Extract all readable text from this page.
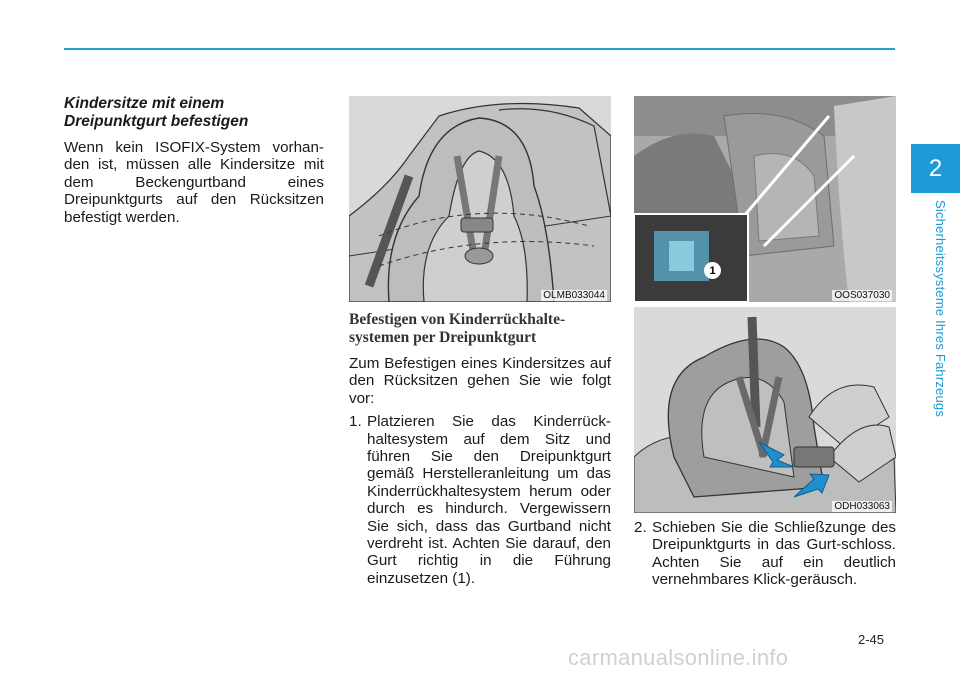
2
Sicherheitssysteme Ihres Fahrzeugs
Kindersitze mit einem
Dreipunktgurt befestigen

Wenn kein ISOFIX-System vorhan-den ist, müssen alle Kindersitze mit dem Beckengurtband eines Dreipunktgurts auf den Rücksitzen befestigt werden.

OLMB033044
Befestigen von Kinderrückhalte-
systemen per Dreipunktgurt

Zum Befestigen eines Kindersitzes auf den Rücksitzen gehen Sie wie folgt vor:

1. Platzieren Sie das Kinderrück-haltesystem auf dem Sitz und führen Sie den Dreipunktgurt gemäß Herstelleranleitung um das Kinderrückhaltesystem herum oder durch es hindurch. Vergewissern Sie sich, dass das Gurtband nicht verdreht ist. Achten Sie darauf, den Gurt richtig in die Führung einzusetzen (1).
1
OOS037030
ODH033063
2. Schieben Sie die Schließzunge des Dreipunktgurts in das Gurt-schloss. Achten Sie auf ein deutlich vernehmbares Klick-geräusch.
2-45
carmanualsonline.info
